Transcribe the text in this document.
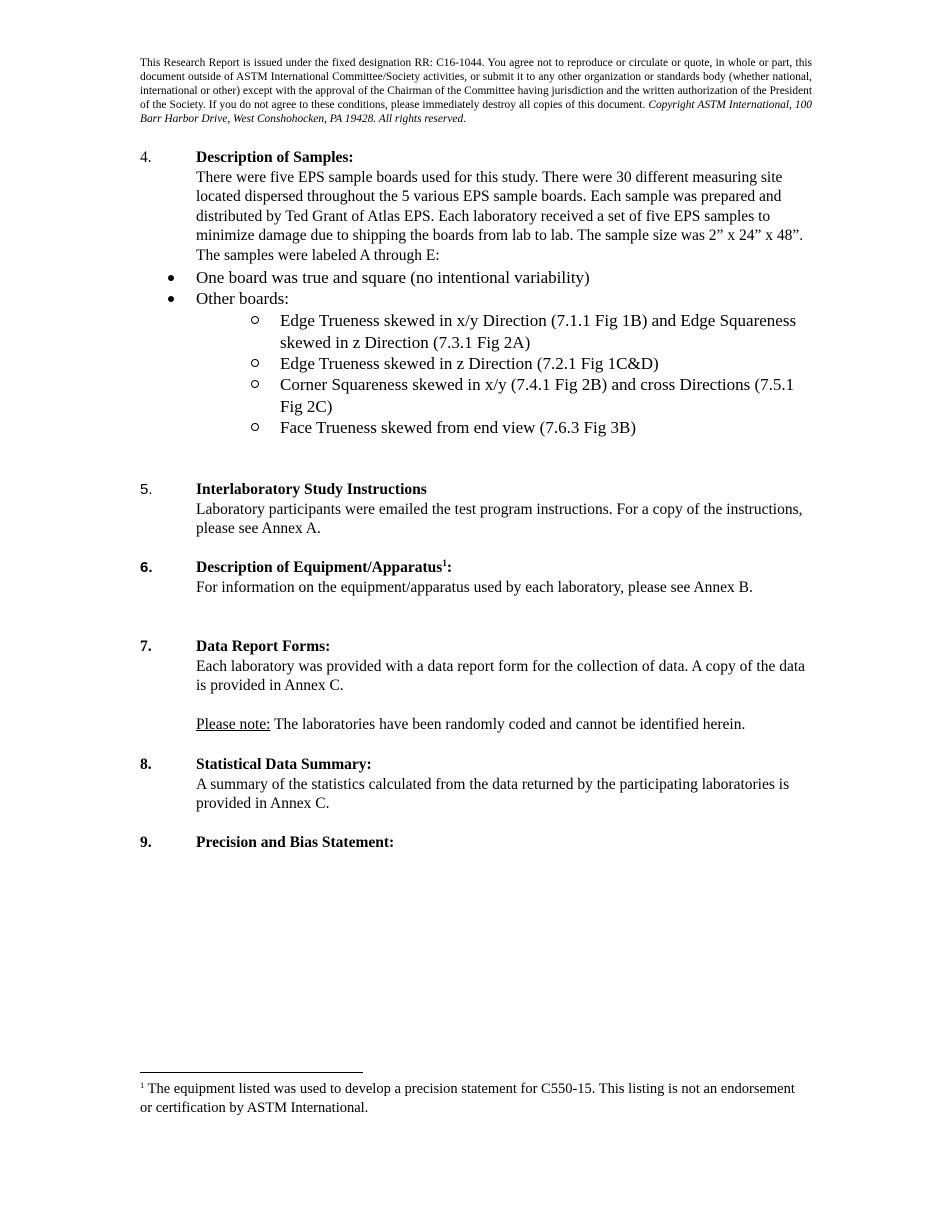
This Research Report is issued under the fixed designation RR: C16-1044. You agree not to reproduce or circulate or quote, in whole or part, this document outside of ASTM International Committee/Society activities, or submit it to any other organization or standards body (whether national, international or other) except with the approval of the Chairman of the Committee having jurisdiction and the written authorization of the President of the Society. If you do not agree to these conditions, please immediately destroy all copies of this document. Copyright ASTM International, 100 Barr Harbor Drive, West Conshohocken, PA 19428. All rights reserved.
4.	Description of Samples:
There were five EPS sample boards used for this study. There were 30 different measuring site located dispersed throughout the 5 various EPS sample boards. Each sample was prepared and distributed by Ted Grant of Atlas EPS. Each laboratory received a set of five EPS samples to minimize damage due to shipping the boards from lab to lab. The sample size was 2” x 24” x 48”. The samples were labeled A through E:
One board was true and square (no intentional variability)
Other boards:
Edge Trueness skewed in x/y Direction (7.1.1 Fig 1B) and Edge Squareness skewed in z Direction (7.3.1 Fig 2A)
Edge Trueness skewed in z Direction (7.2.1 Fig 1C&D)
Corner Squareness skewed in x/y (7.4.1 Fig 2B) and cross Directions (7.5.1 Fig 2C)
Face Trueness skewed from end view (7.6.3 Fig 3B)
5.	Interlaboratory Study Instructions
Laboratory participants were emailed the test program instructions. For a copy of the instructions, please see Annex A.
6.	Description of Equipment/Apparatus$^1$:
For information on the equipment/apparatus used by each laboratory, please see Annex B.
7.	Data Report Forms:
Each laboratory was provided with a data report form for the collection of data. A copy of the data is provided in Annex C.
Please note: The laboratories have been randomly coded and cannot be identified herein.
8.	Statistical Data Summary:
A summary of the statistics calculated from the data returned by the participating laboratories is provided in Annex C.
9.	Precision and Bias Statement:
$^1$ The equipment listed was used to develop a precision statement for C550-15. This listing is not an endorsement or certification by ASTM International.
